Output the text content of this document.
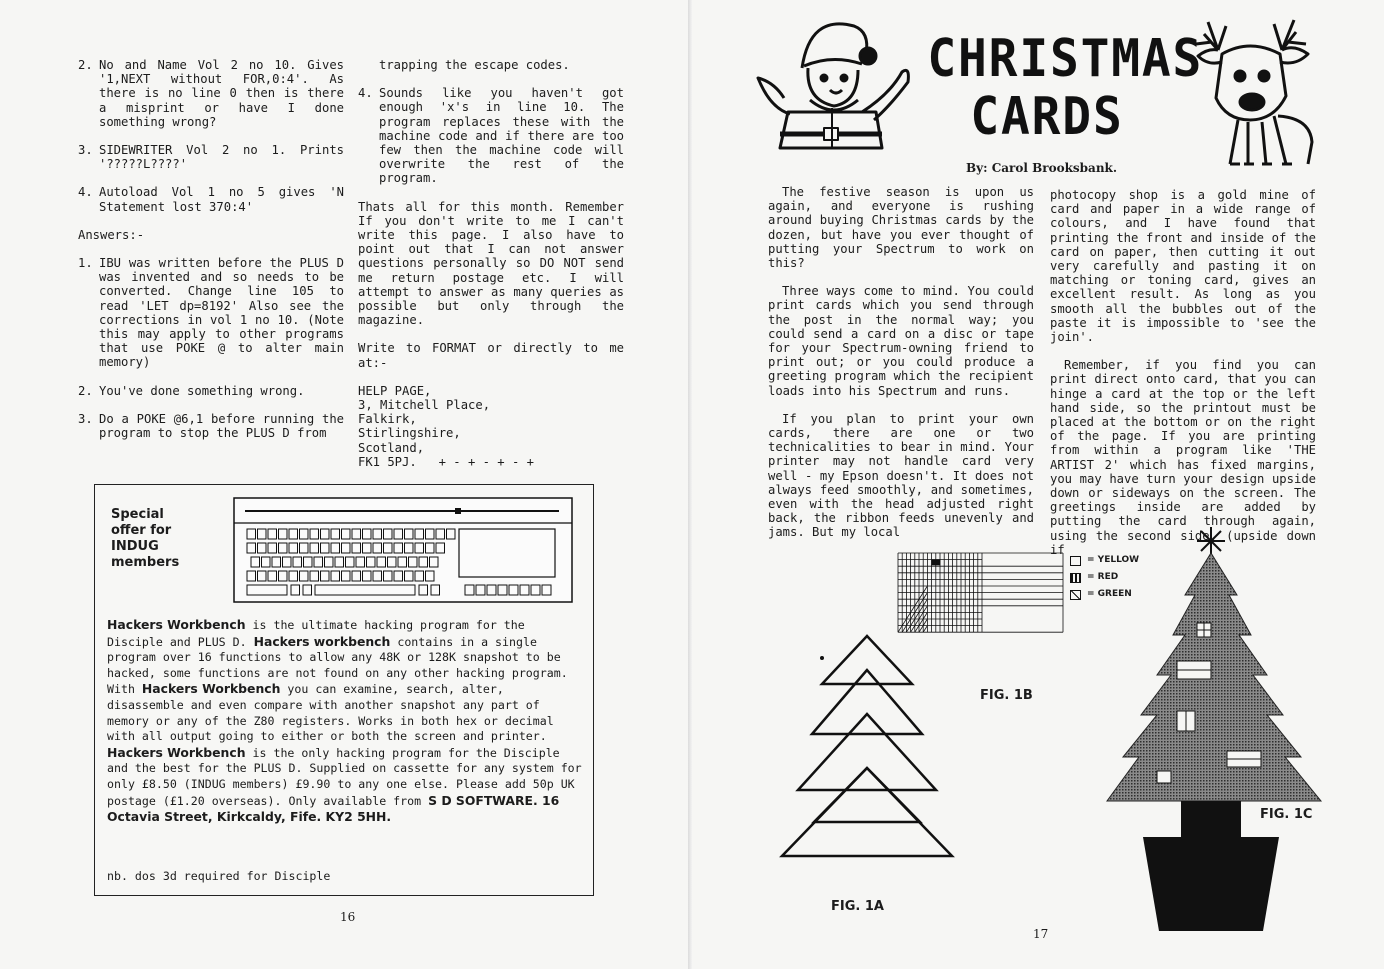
2. No and Name Vol 2 no 10. Gives '1,NEXT without FOR,0:4'. As there is no line 0 then is there a misprint or have I done something wrong?
3. SIDEWRITER Vol 2 no 1. Prints '?????L????'
4. Autoload Vol 1 no 5 gives 'N Statement lost 370:4'

Answers:-

1. IBU was written before the PLUS D was invented and so needs to be converted. Change line 105 to read 'LET dp=8192' Also see the corrections in vol 1 no 10. (Note this may apply to other programs that use POKE @ to alter main memory)
2. You've done something wrong.
3. Do a POKE @6,1 before running the program to stop the PLUS D from

trapping the escape codes.

4. Sounds like you haven't got enough 'x's in line 10. The program replaces these with the machine code and if there are too few then the machine code will overwrite the rest of the program.

Thats all for this month. Remember If you don't write to me I can't write this page. I also have to point out that I can not answer questions personally so DO NOT send me return postage etc. I will attempt to answer as many queries as possible but only through the magazine.

Write to FORMAT or directly to me at:-

HELP PAGE,
3, Mitchell Place,
Falkirk,
Stirlingshire,
Scotland,
FK1 5PJ.	+ - + - + - +
Special
offer for
INDUG
members
Hackers Workbench is the ultimate hacking program for the Disciple and PLUS D. Hackers workbench contains in a single program over 16 functions to allow any 48K or 128K snapshot to be hacked, some functions are not found on any other hacking program. With Hackers Workbench you can examine, search, alter, disassemble and even compare with another snapshot any part of memory or any of the Z80 registers. Works in both hex or decimal with all output going to either or both the screen and printer. Hackers Workbench is the only hacking program for the Disciple and the best for the PLUS D. Supplied on cassette for any system for only £8.50 (INDUG members) £9.90 to any one else. Please add 50p UK postage (£1.20 overseas). Only available from S D SOFTWARE. 16 Octavia Street, Kirkcaldy, Fife. KY2 5HH.
nb. dos 3d required for Disciple
16
CHRISTMAS
CARDS
By: Carol Brooksbank.

The festive season is upon us again, and everyone is rushing around buying Christmas cards by the dozen, but have you ever thought of putting your Spectrum to work on this?

Three ways come to mind. You could print cards which you send through the post in the normal way; you could send a card on a disc or tape for your Spectrum-owning friend to print out; or you could produce a greeting program which the recipient loads into his Spectrum and runs.

If you plan to print your own cards, there are one or two technicalities to bear in mind. Your printer may not handle card very well - my Epson doesn't. It does not always feed smoothly, and sometimes, even with the head adjusted right back, the ribbon feeds unevenly and jams. But my local

photocopy shop is a gold mine of card and paper in a wide range of colours, and I have found that printing the front and inside of the card on paper, then cutting it out very carefully and pasting it on matching or toning card, gives an excellent result. As long as you smooth all the bubbles out of the paste it is impossible to 'see the join'.

Remember, if you find you can print direct onto card, that you can hinge a card at the top or the left hand side, so the printout must be placed at the bottom or on the right of the page. If you are printing from within a program like 'THE ARTIST 2' which has fixed margins, you may have turn your design upside down or sideways on the screen. The greetings inside are added by putting the card through again, using the second side, (upside down if

= YELLOW
= RED
= GREEN
FIG. 1A
FIG. 1B
FIG. 1C
17
